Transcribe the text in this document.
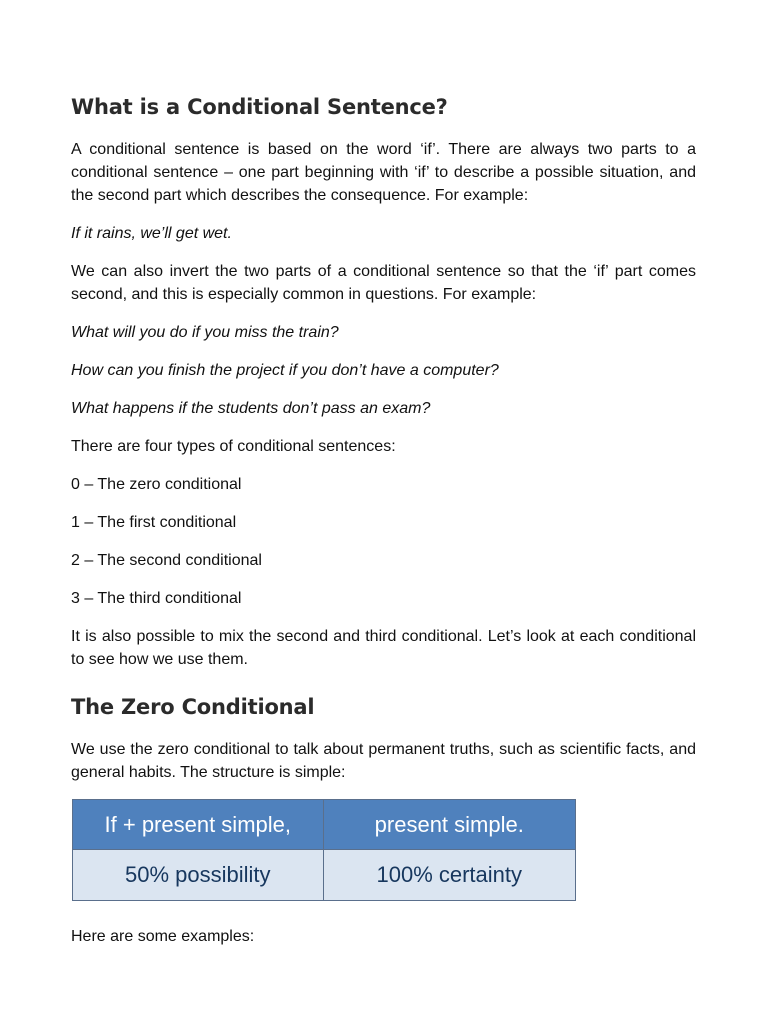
What is a Conditional Sentence?

A conditional sentence is based on the word ‘if’. There are always two parts to a conditional sentence – one part beginning with ‘if’ to describe a possible situation, and the second part which describes the consequence. For example:

If it rains, we’ll get wet.

We can also invert the two parts of a conditional sentence so that the ‘if’ part comes second, and this is especially common in questions. For example:

What will you do if you miss the train?

How can you finish the project if you don’t have a computer?

What happens if the students don’t pass an exam?

There are four types of conditional sentences:

0 – The zero conditional

1 – The first conditional

2 – The second conditional

3 – The third conditional

It is also possible to mix the second and third conditional. Let’s look at each conditional to see how we use them.

The Zero Conditional

We use the zero conditional to talk about permanent truths, such as scientific facts, and general habits. The structure is simple:

If + present simple,	present simple.
50% possibility	100% certainty

Here are some examples:
